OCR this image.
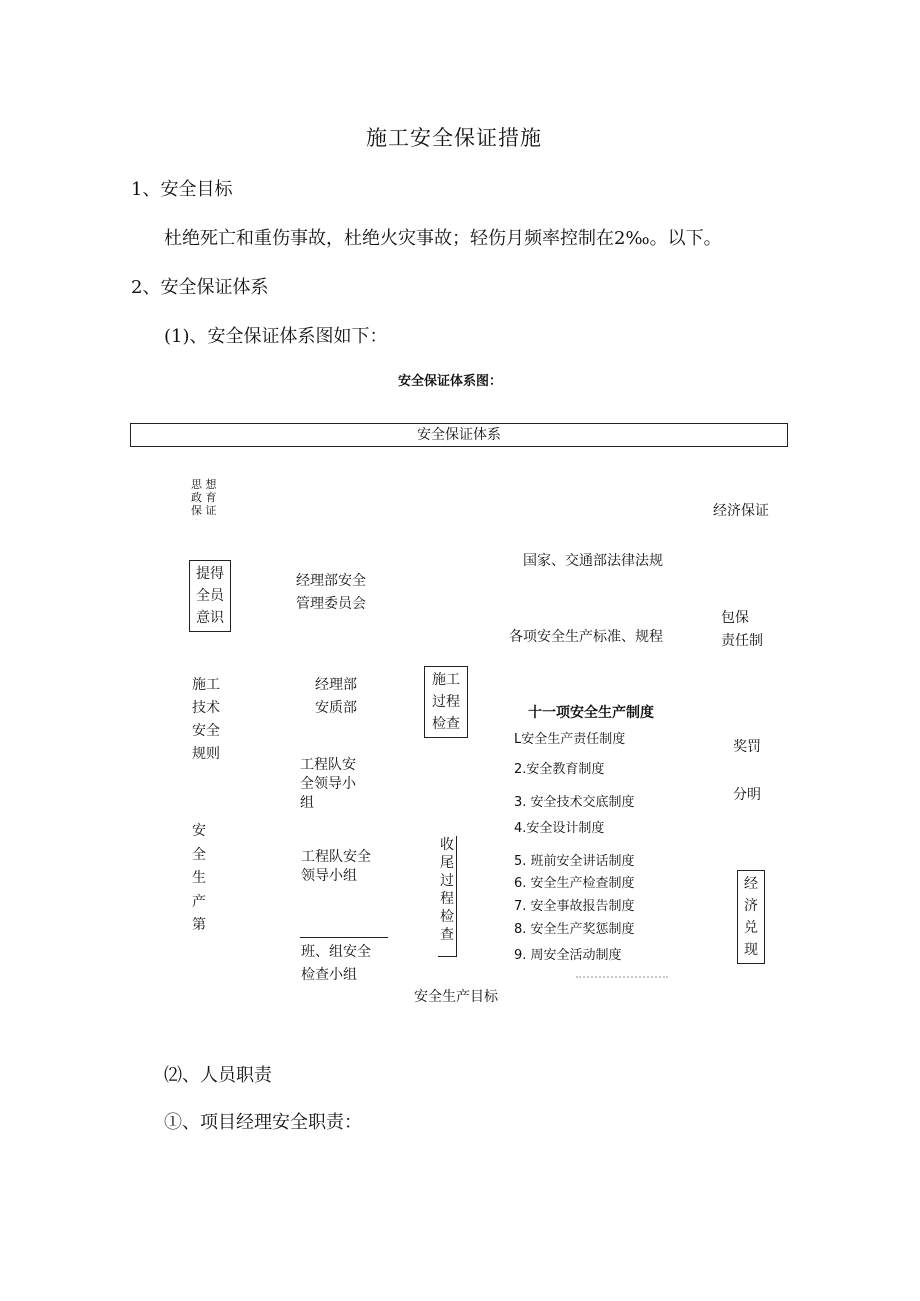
施工安全保证措施
1、安全目标
杜绝死亡和重伤事故，杜绝火灾事故；轻伤月频率控制在2‰。以下。
2、安全保证体系
(1)、安全保证体系图如下：
安全保证体系图：
安全保证体系
思 想
政 育
保 证
提得
全员
意识
施工
技术
安全
规则
安
全
生
产
第
经理部安全
管理委员会
经理部
安质部
工程队安
全领导小
组
工程队安全
领导小组
班、组安全
检查小组
施工
过程
检查
收
尾
过
程
检
查
安全生产目标
国家、交通部法律法规
各项安全生产标准、规程
十一项安全生产制度
L安全生产责任制度
2.安全教育制度
3. 安全技术交底制度
4.安全设计制度
5. 班前安全讲话制度
6. 安全生产检查制度
7. 安全事故报告制度
8. 安全生产奖惩制度
9. 周安全活动制度
经济保证
包保
责任制
奖罚
分明
经
济
兑
现
⑵、人员职责
①、项目经理安全职责：
